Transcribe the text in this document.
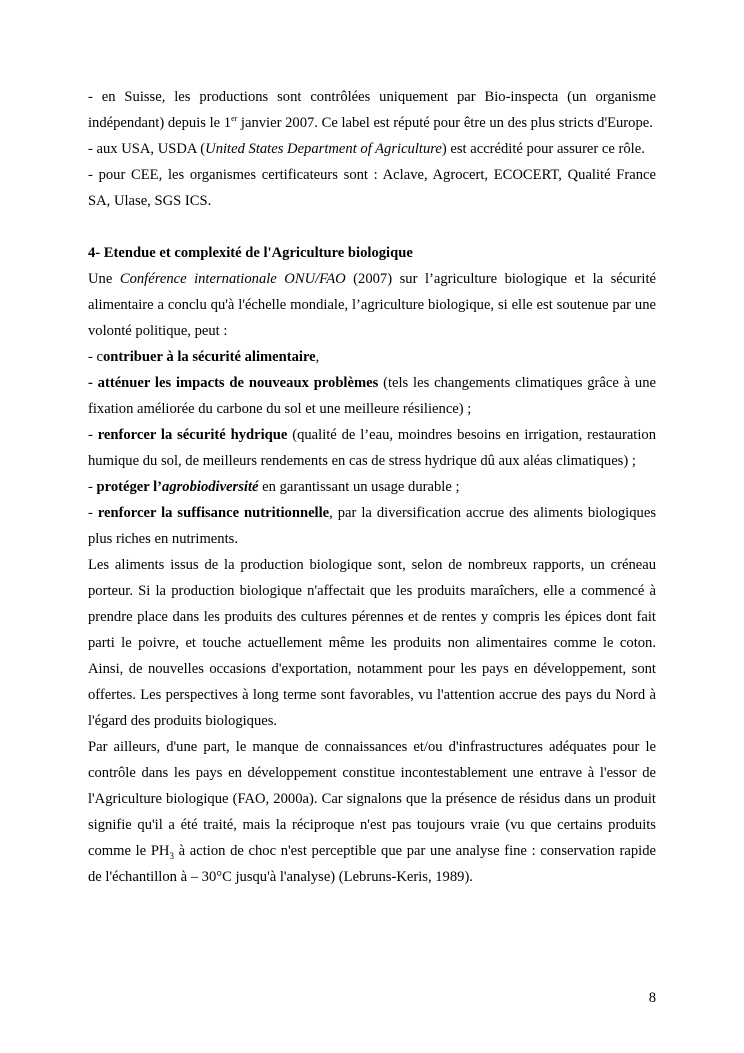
- en Suisse, les productions sont contrôlées uniquement par Bio-inspecta (un organisme indépendant) depuis le 1er janvier 2007. Ce label est réputé pour être un des plus stricts d'Europe.

- aux USA, USDA (United States Department of Agriculture) est accrédité pour assurer ce rôle.

- pour CEE, les organismes certificateurs sont : Aclave, Agrocert, ECOCERT, Qualité France SA, Ulase, SGS ICS.

4- Etendue et complexité de l'Agriculture biologique

Une Conférence internationale ONU/FAO (2007) sur l’agriculture biologique et la sécurité alimentaire a conclu qu'à l'échelle mondiale, l’agriculture biologique, si elle est soutenue par une volonté politique, peut :

- contribuer à la sécurité alimentaire,

- atténuer les impacts de nouveaux problèmes (tels les changements climatiques grâce à une fixation améliorée du carbone du sol et une meilleure résilience) ;

- renforcer la sécurité hydrique (qualité de l’eau, moindres besoins en irrigation, restauration humique du sol, de meilleurs rendements en cas de stress hydrique dû aux aléas climatiques) ;

- protéger l’agrobiodiversité en garantissant un usage durable ;

- renforcer la suffisance nutritionnelle, par la diversification accrue des aliments biologiques plus riches en nutriments.

Les aliments issus de la production biologique sont, selon de nombreux rapports, un créneau porteur. Si la production biologique n'affectait que les produits maraîchers, elle a commencé à prendre place dans les produits des cultures pérennes et de rentes y compris les épices dont fait parti le poivre, et touche actuellement même les produits non alimentaires comme le coton. Ainsi, de nouvelles occasions d'exportation, notamment pour les pays en développement, sont offertes. Les perspectives à long terme sont favorables, vu l'attention accrue des pays du Nord à l'égard des produits biologiques.

Par ailleurs, d'une part, le manque de connaissances et/ou d'infrastructures adéquates pour le contrôle dans les pays en développement constitue incontestablement une entrave à l'essor de l'Agriculture biologique (FAO, 2000a). Car signalons que la présence de résidus dans un produit signifie qu'il a été traité, mais la réciproque n'est pas toujours vraie (vu que certains produits comme le $PH_3$ à action de choc n'est perceptible que par une analyse fine : conservation rapide de l'échantillon à – 30°C jusqu'à l'analyse) (Lebruns-Keris, 1989).

8
